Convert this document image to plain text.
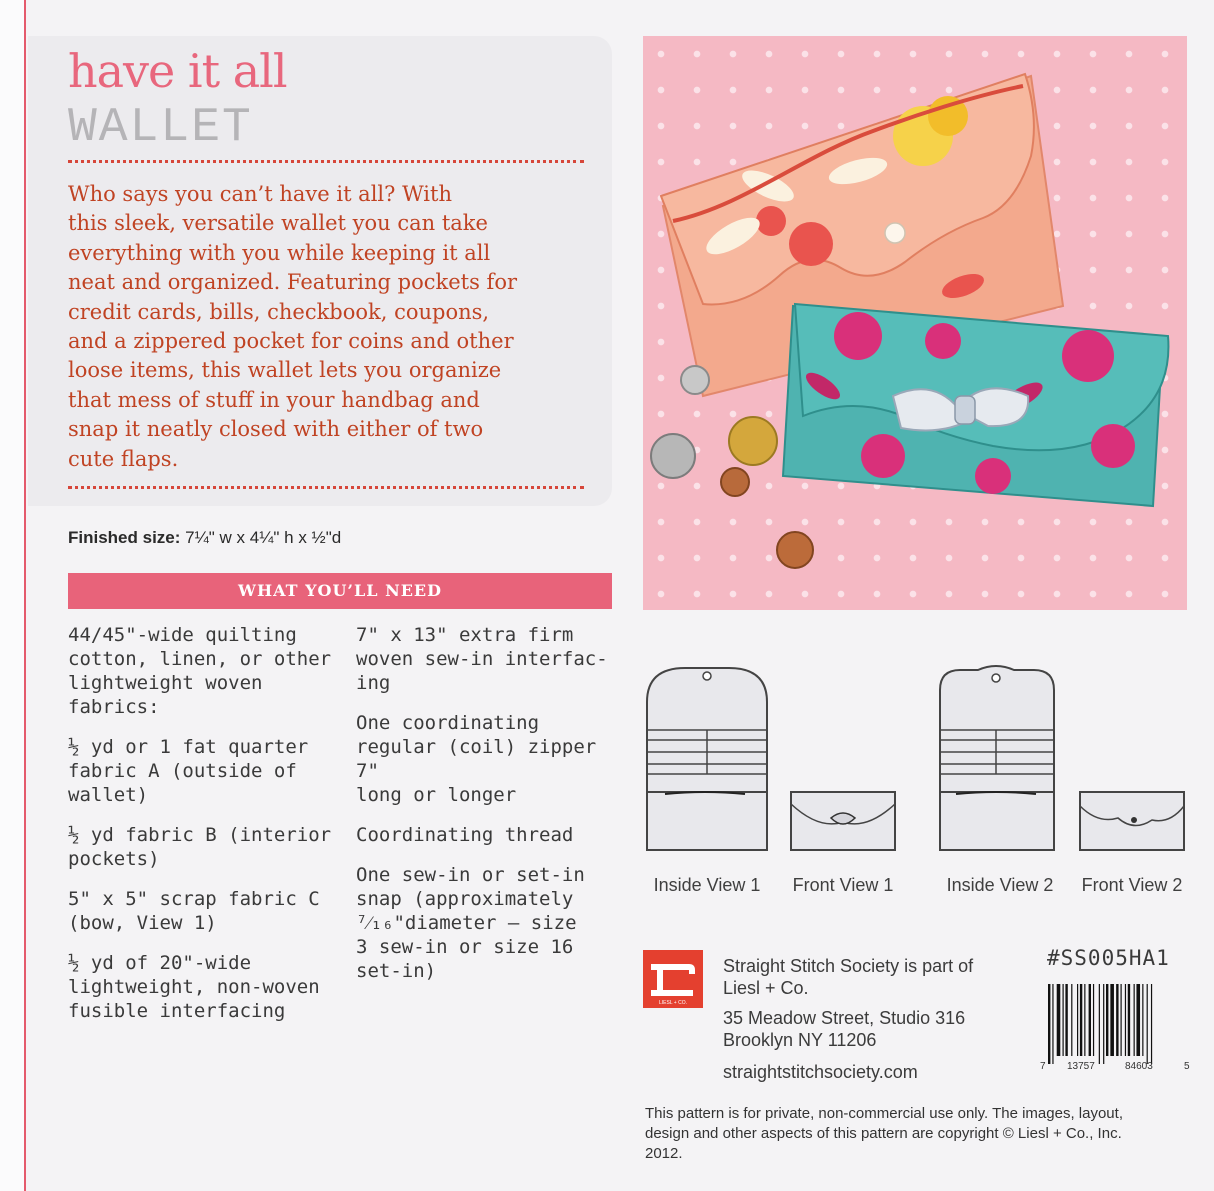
have it all
WALLET

Who says you can’t have it all? With
this sleek, versatile wallet you can take
everything with you while keeping it all
neat and organized. Featuring pockets for
credit cards, bills, checkbook, coupons,
and a zippered pocket for coins and other
loose items, this wallet lets you organize
that mess of stuff in your handbag and
snap it neatly closed with either of two
cute flaps.

Finished size: 7¼" w x 4¼" h x ½"d
WHAT YOU’LL NEED

44/45"-wide quilting
cotton, linen, or other
lightweight woven
fabrics:

½ yd or 1 fat quarter
fabric A (outside of
wallet)

½ yd fabric B (interior
pockets)

5" x 5" scrap fabric C
(bow, View 1)

½ yd of 20"-wide
lightweight, non-woven
fusible interfacing

7" x 13" extra firm
woven sew-in interfac-
ing

One coordinating
regular (coil) zipper 7"
long or longer

Coordinating thread

One sew-in or set-in
snap (approximately
⁷⁄₁₆"diameter — size
3 sew-in or size 16
set-in)

Inside View 1	Front View 1	Inside View 2	Front View 2
LIESL + CO.
Straight Stitch Society is part of
Liesl + Co.
35 Meadow Street, Studio 316
Brooklyn NY 11206
straightstitchsociety.com
#SS005HA1
7 13757	84603	5

This pattern is for private, non-commercial use only. The images, layout, design and other aspects of this pattern are copyright © Liesl + Co., Inc. 2012.
